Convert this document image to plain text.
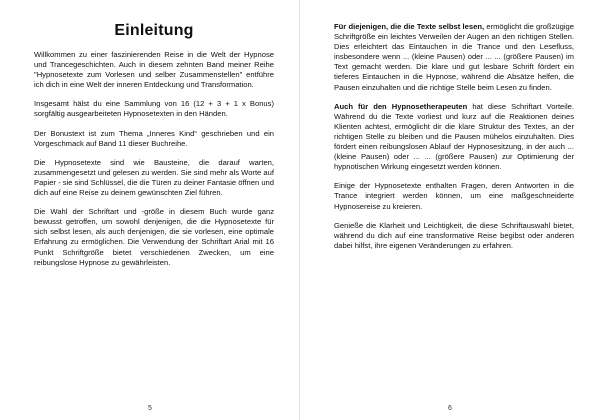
Einleitung

Willkommen zu einer faszinierenden Reise in die Welt der Hypnose und Trancegeschichten. Auch in diesem zehnten Band meiner Reihe "Hypnosetexte zum Vorlesen und selber Zusammenstellen" entführe ich dich in eine Welt der inneren Entdeckung und Transformation.

Insgesamt hälst du eine Sammlung von 16 (12 + 3 + 1 x Bonus) sorgfältig ausgearbeiteten Hypnosetexten in den Händen.

Der Bonustext ist zum Thema „Inneres Kind“ geschrieben und ein Vorgeschmack auf Band 11 dieser Buchreihe.

Die Hypnosetexte sind wie Bausteine, die darauf warten, zusammengesetzt und gelesen zu werden. Sie sind mehr als Worte auf Papier - sie sind Schlüssel, die die Türen zu deiner Fantasie öffnen und dich auf eine Reise zu deinem gewünschten Ziel führen.

Die Wahl der Schriftart und -größe in diesem Buch wurde ganz bewusst getroffen, um sowohl denjenigen, die die Hypnosetexte für sich selbst lesen, als auch denjenigen, die sie vorlesen, eine optimale Erfahrung zu ermöglichen. Die Verwendung der Schriftart Arial mit 16 Punkt Schriftgröße bietet verschiedenen Zwecken, um eine reibungslose Hypnose zu gewährleisten.

5

Für diejenigen, die die Texte selbst lesen, ermöglicht die großzügige Schriftgröße ein leichtes Verweilen der Augen an den richtigen Stellen. Dies erleichtert das Eintauchen in die Trance und den Lesefluss, insbesondere wenn ... (kleine Pausen) oder ... ... (größere Pausen) im Text gemacht werden. Die klare und gut lesbare Schrift fördert ein tieferes Eintauchen in die Hypnose, während die Absätze helfen, die Pausen einzuhalten und die richtige Stelle beim Lesen zu finden.

Auch für den Hypnosetherapeuten hat diese Schriftart Vorteile. Während du die Texte vorliest und kurz auf die Reaktionen deines Klienten achtest, ermöglicht dir die klare Struktur des Textes, an der richtigen Stelle zu bleiben und die Pausen mühelos einzuhalten. Dies fördert einen reibungslosen Ablauf der Hypnosesitzung, in der auch ... (kleine Pausen) oder ... ... (größere Pausen) zur Optimierung der hypnotischen Wirkung eingesetzt werden können.

Einige der Hypnosetexte enthalten Fragen, deren Antworten in die Trance integriert werden können, um eine maßgeschneiderte Hypnosereise zu kreieren.

Genieße die Klarheit und Leichtigkeit, die diese Schriftauswahl bietet, während du dich auf eine transformative Reise begibst oder anderen dabei hilfst, ihre eigenen Veränderungen zu erfahren.

6
